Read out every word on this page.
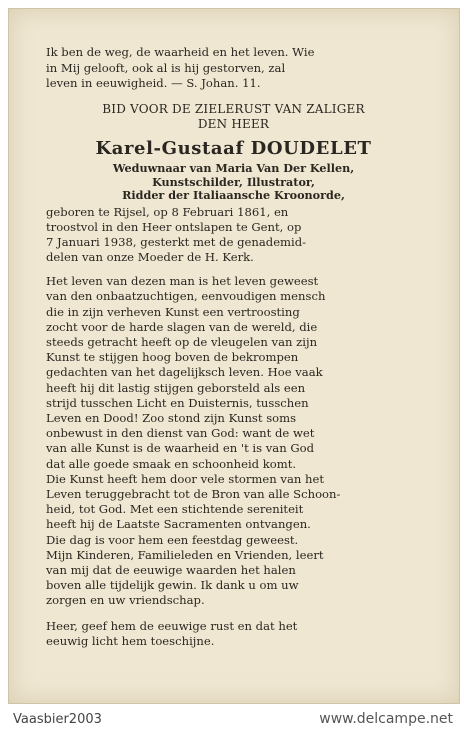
Ik ben de weg, de waarheid en het leven. Wie

in Mij gelooft, ook al is hij gestorven, zal

leven in eeuwigheid. — S. Johan. 11.

BID VOOR DE ZIELERUST VAN ZALIGER
DEN HEER
Karel-Gustaaf DOUDELET
Weduwnaar van Maria Van Der Kellen,
Kunstschilder, Illustrator,
Ridder der Italiaansche Kroonorde,

geboren te Rijsel, op 8 Februari 1861, en

troostvol in den Heer ontslapen te Gent, op

7 Januari 1938, gesterkt met de genademid-

delen van onze Moeder de H. Kerk.

Het leven van dezen man is het leven geweest

van den onbaatzuchtigen, eenvoudigen mensch

die in zijn verheven Kunst een vertroosting

zocht voor de harde slagen van de wereld, die

steeds getracht heeft op de vleugelen van zijn

Kunst te stijgen hoog boven de bekrompen

gedachten van het dagelijksch leven. Hoe vaak

heeft hij dit lastig stijgen geborsteld als een

strijd tusschen Licht en Duisternis, tusschen

Leven en Dood! Zoo stond zijn Kunst soms

onbewust in den dienst van God: want de wet

van alle Kunst is de waarheid en 't is van God

dat alle goede smaak en schoonheid komt.

Die Kunst heeft hem door vele stormen van het

Leven teruggebracht tot de Bron van alle Schoon-

heid, tot God. Met een stichtende sereniteit

heeft hij de Laatste Sacramenten ontvangen.

Die dag is voor hem een feestdag geweest.

Mijn Kinderen, Familieleden en Vrienden, leert

van mij dat de eeuwige waarden het halen

boven alle tijdelijk gewin. Ik dank u om uw

zorgen en uw vriendschap.

Heer, geef hem de eeuwige rust en dat het

eeuwig licht hem toeschijne.

Vaasbier2003	www.delcampe.net
